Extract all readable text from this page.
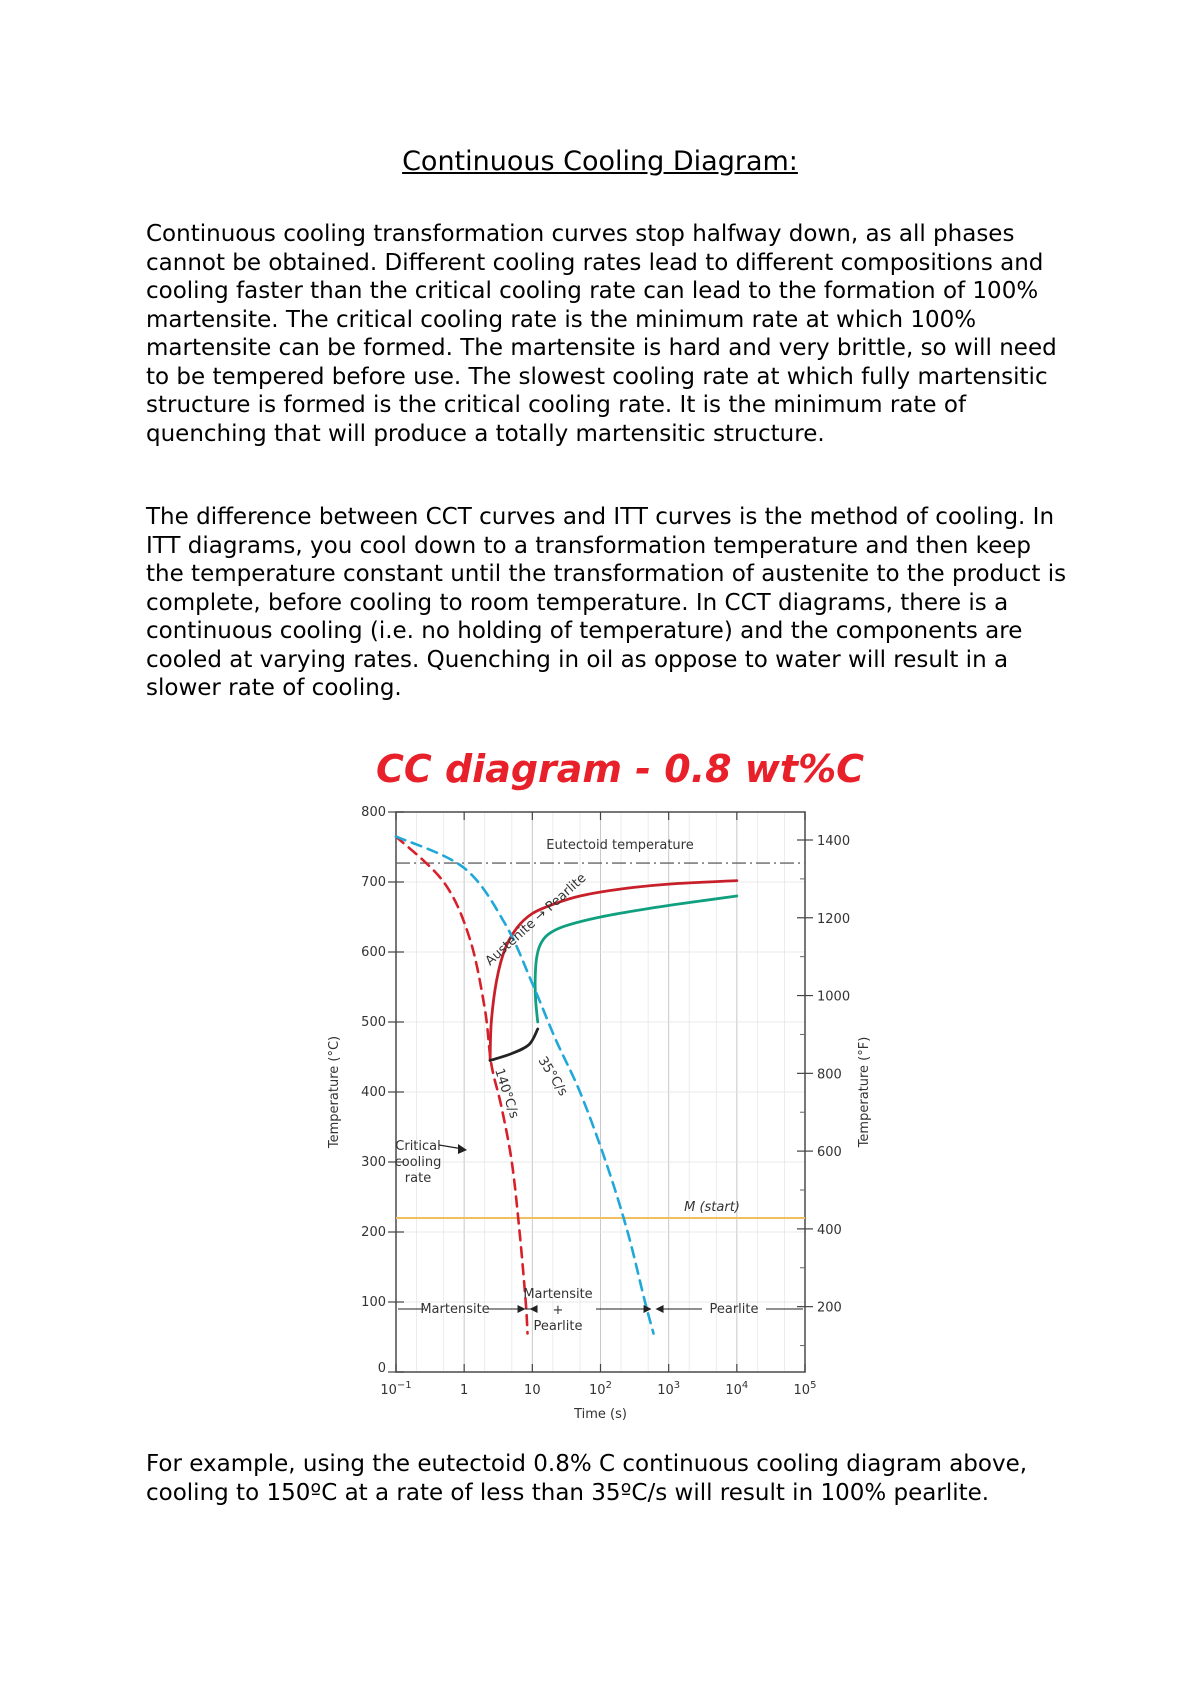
Continuous Cooling Diagram:
Continuous cooling transformation curves stop halfway down, as all phases cannot be obtained. Different cooling rates lead to different compositions and cooling faster than the critical cooling rate can lead to the formation of 100% martensite. The critical cooling rate is the minimum rate at which 100% martensite can be formed. The martensite is hard and very brittle, so will need to be tempered before use. The slowest cooling rate at which fully martensitic structure is formed is the critical cooling rate. It is the minimum rate of quenching that will produce a totally martensitic structure.
The difference between CCT curves and ITT curves is the method of cooling. In ITT diagrams, you cool down to a transformation temperature and then keep the temperature constant until the transformation of austenite to the product is complete, before cooling to room temperature. In CCT diagrams, there is a continuous cooling (i.e. no holding of temperature) and the components are cooled at varying rates. Quenching in oil as oppose to water will result in a slower rate of cooling.
CC diagram - 0.8 wt%C
Eutectoid temperature
M (start)
0
100
200
300
400
500
600
700
800
200
400
600
800
1000
1200
1400
$10^{-1}$	1	10	$10^2$	$10^3$	$10^4$	$10^5$
Time (s)
Temperature (°C)	Temperature (°F)
Austenite → Pearlite
140°C/s 35°C/s
Critical
cooling
rate
Martensite
Martensite
+
Pearlite
Pearlite
For example, using the eutectoid 0.8% C continuous cooling diagram above, cooling to 150ºC at a rate of less than 35ºC/s will result in 100% pearlite.
